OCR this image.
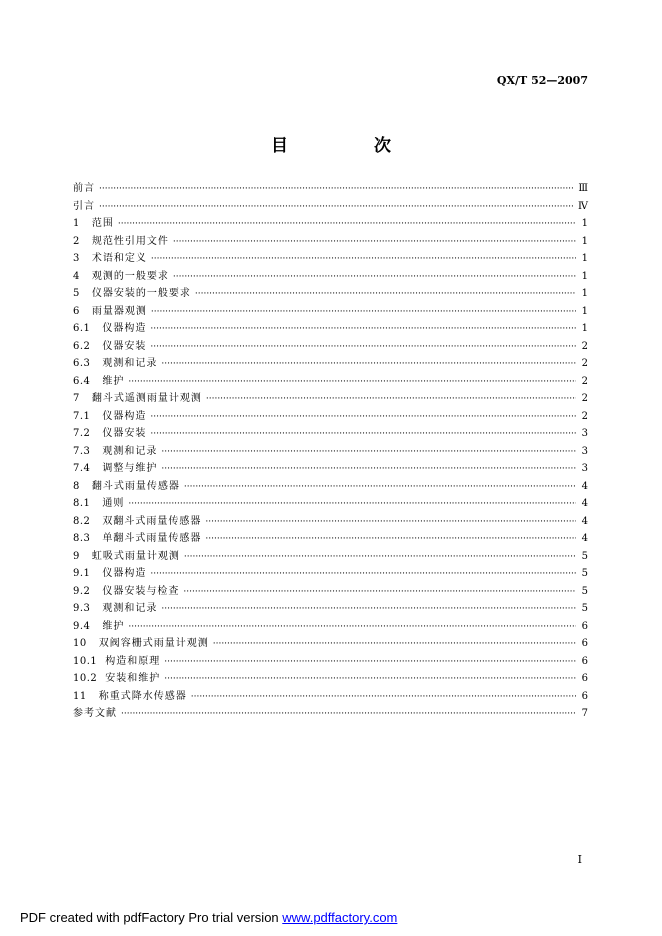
QX/T 52—2007
目 次
前言 ·····	Ⅲ
引言 ·····	Ⅳ
1 范围 ·····	1
2 规范性引用文件 ·····	1
3 术语和定义 ·····	1
4 观测的一般要求 ·····	1
5 仪器安装的一般要求 ·····	1
6 雨量器观测 ·····	1
6.1 仪器构造 ·····	1
6.2 仪器安装 ·····	2
6.3 观测和记录 ·····	2
6.4 维护 ·····	2
7 翻斗式遥测雨量计观测 ·····	2
7.1 仪器构造 ·····	2
7.2 仪器安装 ·····	3
7.3 观测和记录 ·····	3
7.4 调整与维护 ·····	3
8 翻斗式雨量传感器 ·····	4
8.1 通则 ·····	4
8.2 双翻斗式雨量传感器 ·····	4
8.3 单翻斗式雨量传感器 ·····	4
9 虹吸式雨量计观测 ·····	5
9.1 仪器构造 ·····	5
9.2 仪器安装与检查 ·····	5
9.3 观测和记录 ·····	5
9.4 维护 ·····	6
10 双阀容栅式雨量计观测 ·····	6
10.1 构造和原理 ·····	6
10.2 安装和维护 ·····	6
11 称重式降水传感器 ·····	6
参考文献 ·····	7
I
PDF created with pdfFactory Pro trial version www.pdffactory.com
